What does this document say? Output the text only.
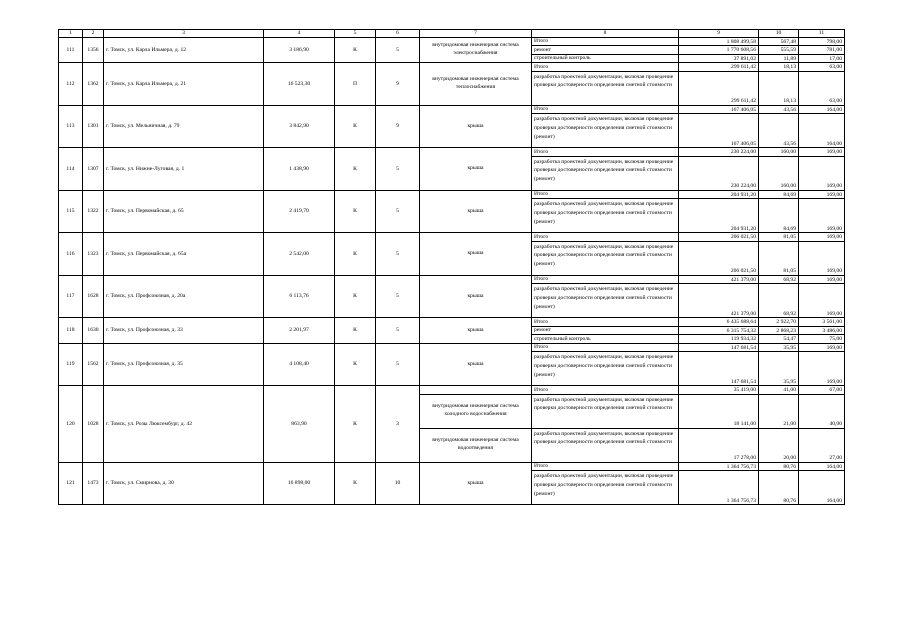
1	2	3	4	5	6	7	8	9	10	11
111	1356	г. Томск, ул. Карла Ильмера, д. 12	3 186,90	К	5	внутридомовая инженерная система электроснабжения	Итого	1 808 499,58	567,48	798,00
							ремонт	1 770 608,56	555,59	781,00
							строительный контроль	37 891,02	11,89	17,00
112	1362	г. Томск, ул. Карла Ильмера, д. 21	16 523,30	П	9	внутридомовая инженерная система теплоснабжения	Итого	299 611,42	18,13	63,00
							разработка проектной документации, включая проведение проверки достоверности определения сметной стоимости	299 611,42	18,13	63,00
113	1301	г. Томск, ул. Мельничная, д. 79	3 842,90	К	9	крыша	Итого	167 406,05	43,56	164,00
							разработка проектной документации, включая проведение проверки достоверности определения сметной стоимости (ремонт)	167 406,05	43,56	164,00
114	1307	г. Томск, ул. Нижне-Луговая, д. 1	1 438,90	К	5	крыша	Итого	230 224,00	160,00	169,00
							разработка проектной документации, включая проведение проверки достоверности определения сметной стоимости (ремонт)	230 224,00	160,00	169,00
115	1322	г. Томск, ул. Первомайская, д. 65	2 419,70	К	5	крыша	Итого	204 931,20	84,69	169,00
							разработка проектной документации, включая проведение проверки достоверности определения сметной стоимости (ремонт)	204 931,20	84,69	169,00
116	1323	г. Томск, ул. Первомайская, д. 65а	2 542,00	К	5	крыша	Итого	206 021,50	81,05	169,00
							разработка проектной документации, включая проведение проверки достоверности определения сметной стоимости (ремонт)	206 021,50	81,05	169,00
117	1628	г. Томск, ул. Профсоюзная, д. 20а	6 113,76	К	5	крыша	Итого	421 379,00	68,92	169,00
							разработка проектной документации, включая проведение проверки достоверности определения сметной стоимости (ремонт)	421 379,00	68,92	169,00
118	1630	г. Томск, ул. Профсоюзная, д. 33	2 201,97	К	5	крыша	Итого	6 435 688,64	2 922,70	3 561,00
							ремонт	6 315 754,32	2 868,23	3 486,00
							строительный контроль	119 934,32	54,47	75,00
119	1562	г. Томск, ул. Профсоюзная, д. 35	4 108,40	К	5	крыша	Итого	147 681,54	35,95	169,00
							разработка проектной документации, включая проведение проверки достоверности определения сметной стоимости (ремонт)	147 681,54	35,95	169,00
120	1028	г. Томск, ул. Розы Люксембург, д. 42	863,90	К	3		Итого	35 419,00	41,00	67,00
						внутридомовая инженерная система холодного водоснабжения	разработка проектной документации, включая проведение проверки достоверности определения сметной стоимости	18 141,00	21,00	40,00
						внутридомовая инженерная система водоотведения	разработка проектной документации, включая проведение проверки достоверности определения сметной стоимости	17 278,00	20,00	27,00
121	1473	г. Томск, ул. Смирнова, д. 30	16 898,00	К	10	крыша	Итого	1 364 756,73	80,76	164,00
							разработка проектной документации, включая проведение проверки достоверности определения сметной стоимости (ремонт)	1 364 756,73	80,76	164,00
